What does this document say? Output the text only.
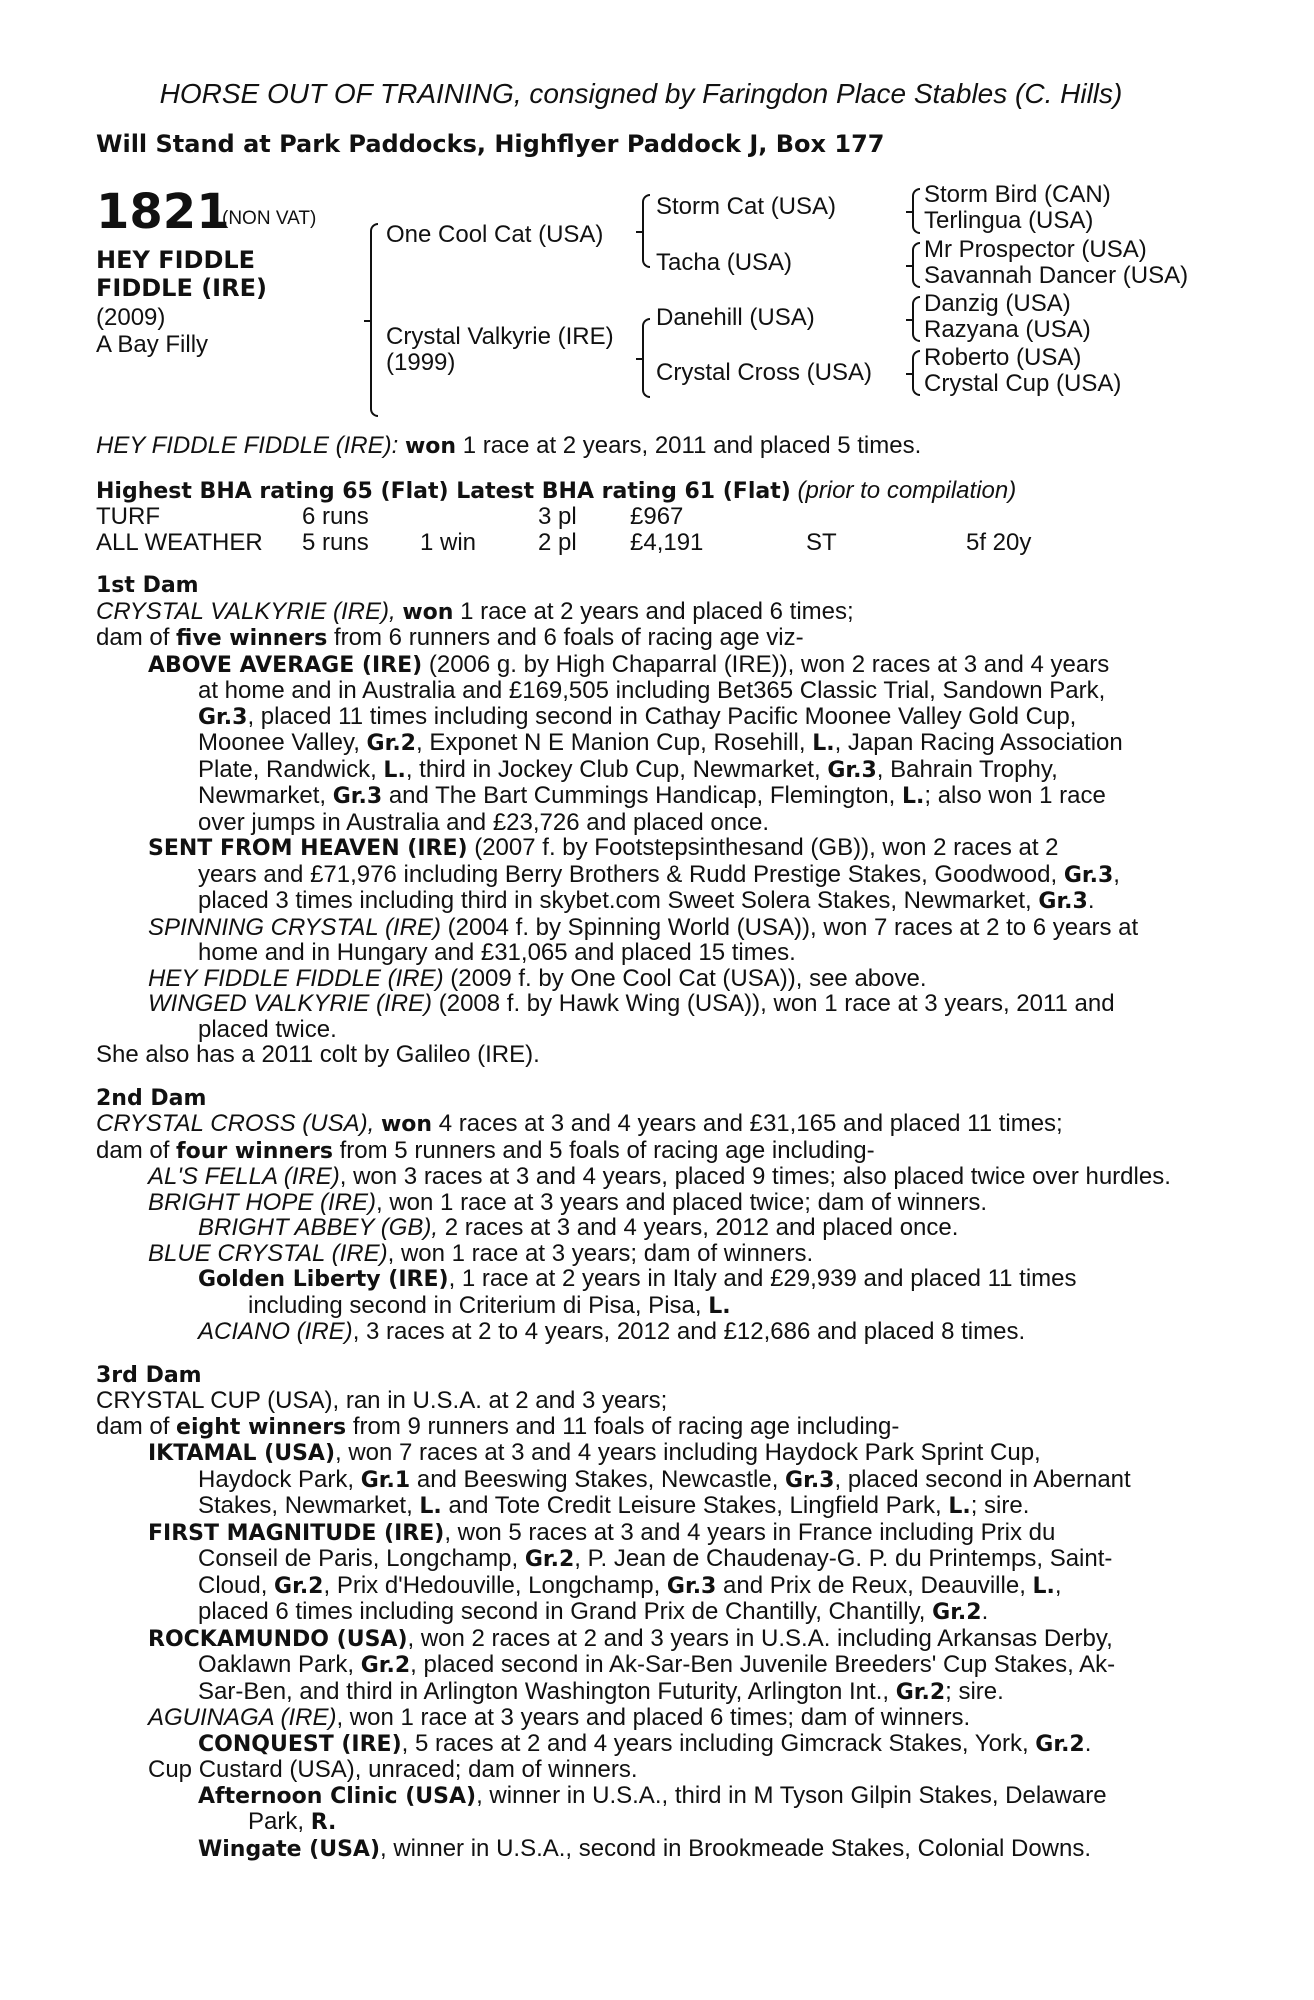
HORSE OUT OF TRAINING, consigned by Faringdon Place Stables (C. Hills)
Will Stand at Park Paddocks, Highflyer Paddock J, Box 177
1821
(NON VAT)
HEY FIDDLE
FIDDLE (IRE)
(2009)
A Bay Filly
One Cool Cat (USA)
Crystal Valkyrie (IRE)
(1999)
Storm Cat (USA)
Tacha (USA)
Danehill (USA)
Crystal Cross (USA)
Storm Bird (CAN)
Terlingua (USA)
Mr Prospector (USA)
Savannah Dancer (USA)
Danzig (USA)
Razyana (USA)
Roberto (USA)
Crystal Cup (USA)
HEY FIDDLE FIDDLE (IRE): won 1 race at 2 years, 2011 and placed 5 times.
Highest BHA rating 65 (Flat) Latest BHA rating 61 (Flat) (prior to compilation)
TURF	6 runs		3 pl	£967		
ALL WEATHER	5 runs	1 win	2 pl	£4,191	ST	5f 20y
1st Dam
CRYSTAL VALKYRIE (IRE), won 1 race at 2 years and placed 6 times;
dam of five winners from 6 runners and 6 foals of racing age viz-
ABOVE AVERAGE (IRE) (2006 g. by High Chaparral (IRE)), won 2 races at 3 and 4 years
at home and in Australia and £169,505 including Bet365 Classic Trial, Sandown Park,
Gr.3, placed 11 times including second in Cathay Pacific Moonee Valley Gold Cup,
Moonee Valley, Gr.2, Exponet N E Manion Cup, Rosehill, L., Japan Racing Association
Plate, Randwick, L., third in Jockey Club Cup, Newmarket, Gr.3, Bahrain Trophy,
Newmarket, Gr.3 and The Bart Cummings Handicap, Flemington, L.; also won 1 race
over jumps in Australia and £23,726 and placed once.
SENT FROM HEAVEN (IRE) (2007 f. by Footstepsinthesand (GB)), won 2 races at 2
years and £71,976 including Berry Brothers & Rudd Prestige Stakes, Goodwood, Gr.3,
placed 3 times including third in skybet.com Sweet Solera Stakes, Newmarket, Gr.3.
SPINNING CRYSTAL (IRE) (2004 f. by Spinning World (USA)), won 7 races at 2 to 6 years at
home and in Hungary and £31,065 and placed 15 times.
HEY FIDDLE FIDDLE (IRE) (2009 f. by One Cool Cat (USA)), see above.
WINGED VALKYRIE (IRE) (2008 f. by Hawk Wing (USA)), won 1 race at 3 years, 2011 and
placed twice.
She also has a 2011 colt by Galileo (IRE).
2nd Dam
CRYSTAL CROSS (USA), won 4 races at 3 and 4 years and £31,165 and placed 11 times;
dam of four winners from 5 runners and 5 foals of racing age including-
AL'S FELLA (IRE), won 3 races at 3 and 4 years, placed 9 times; also placed twice over hurdles.
BRIGHT HOPE (IRE), won 1 race at 3 years and placed twice; dam of winners.
BRIGHT ABBEY (GB), 2 races at 3 and 4 years, 2012 and placed once.
BLUE CRYSTAL (IRE), won 1 race at 3 years; dam of winners.
Golden Liberty (IRE), 1 race at 2 years in Italy and £29,939 and placed 11 times
including second in Criterium di Pisa, Pisa, L.
ACIANO (IRE), 3 races at 2 to 4 years, 2012 and £12,686 and placed 8 times.
3rd Dam
CRYSTAL CUP (USA), ran in U.S.A. at 2 and 3 years;
dam of eight winners from 9 runners and 11 foals of racing age including-
IKTAMAL (USA), won 7 races at 3 and 4 years including Haydock Park Sprint Cup,
Haydock Park, Gr.1 and Beeswing Stakes, Newcastle, Gr.3, placed second in Abernant
Stakes, Newmarket, L. and Tote Credit Leisure Stakes, Lingfield Park, L.; sire.
FIRST MAGNITUDE (IRE), won 5 races at 3 and 4 years in France including Prix du
Conseil de Paris, Longchamp, Gr.2, P. Jean de Chaudenay-G. P. du Printemps, Saint-
Cloud, Gr.2, Prix d'Hedouville, Longchamp, Gr.3 and Prix de Reux, Deauville, L.,
placed 6 times including second in Grand Prix de Chantilly, Chantilly, Gr.2.
ROCKAMUNDO (USA), won 2 races at 2 and 3 years in U.S.A. including Arkansas Derby,
Oaklawn Park, Gr.2, placed second in Ak-Sar-Ben Juvenile Breeders' Cup Stakes, Ak-
Sar-Ben, and third in Arlington Washington Futurity, Arlington Int., Gr.2; sire.
AGUINAGA (IRE), won 1 race at 3 years and placed 6 times; dam of winners.
CONQUEST (IRE), 5 races at 2 and 4 years including Gimcrack Stakes, York, Gr.2.
Cup Custard (USA), unraced; dam of winners.
Afternoon Clinic (USA), winner in U.S.A., third in M Tyson Gilpin Stakes, Delaware
Park, R.
Wingate (USA), winner in U.S.A., second in Brookmeade Stakes, Colonial Downs.
